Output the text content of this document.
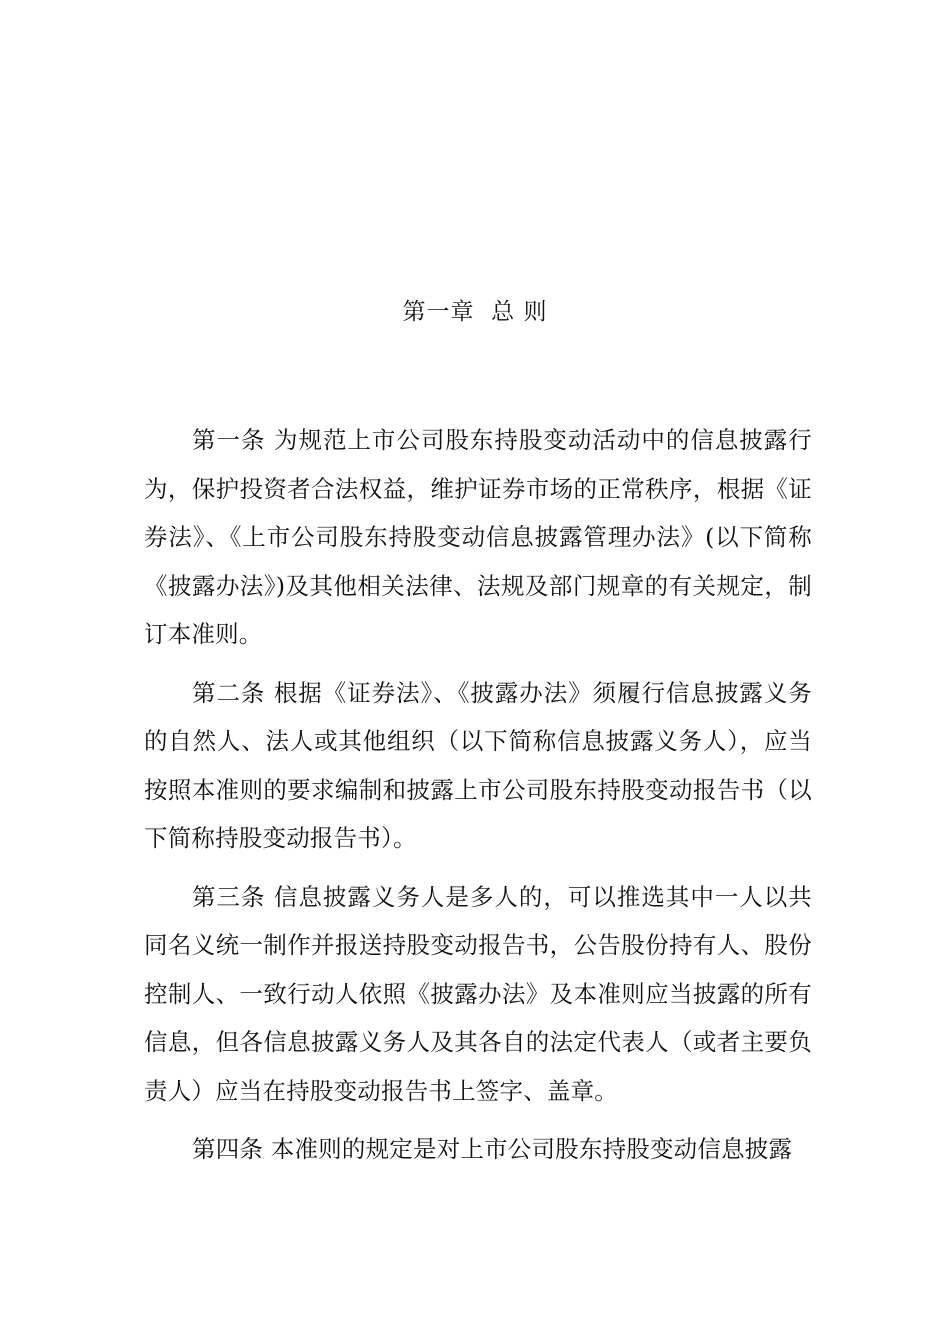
第一章  总 则

第一条 为规范上市公司股东持股变动活动中的信息披露行为，保护投资者合法权益，维护证券市场的正常秩序，根据《证券法》、《上市公司股东持股变动信息披露管理办法》(以下简称《披露办法》)及其他相关法律、法规及部门规章的有关规定，制订本准则。

第二条 根据《证券法》、《披露办法》须履行信息披露义务的自然人、法人或其他组织（以下简称信息披露义务人），应当按照本准则的要求编制和披露上市公司股东持股变动报告书（以下简称持股变动报告书）。

第三条 信息披露义务人是多人的，可以推选其中一人以共同名义统一制作并报送持股变动报告书，公告股份持有人、股份控制人、一致行动人依照《披露办法》及本准则应当披露的所有信息，但各信息披露义务人及其各自的法定代表人（或者主要负责人）应当在持股变动报告书上签字、盖章。

第四条 本准则的规定是对上市公司股东持股变动信息披露
